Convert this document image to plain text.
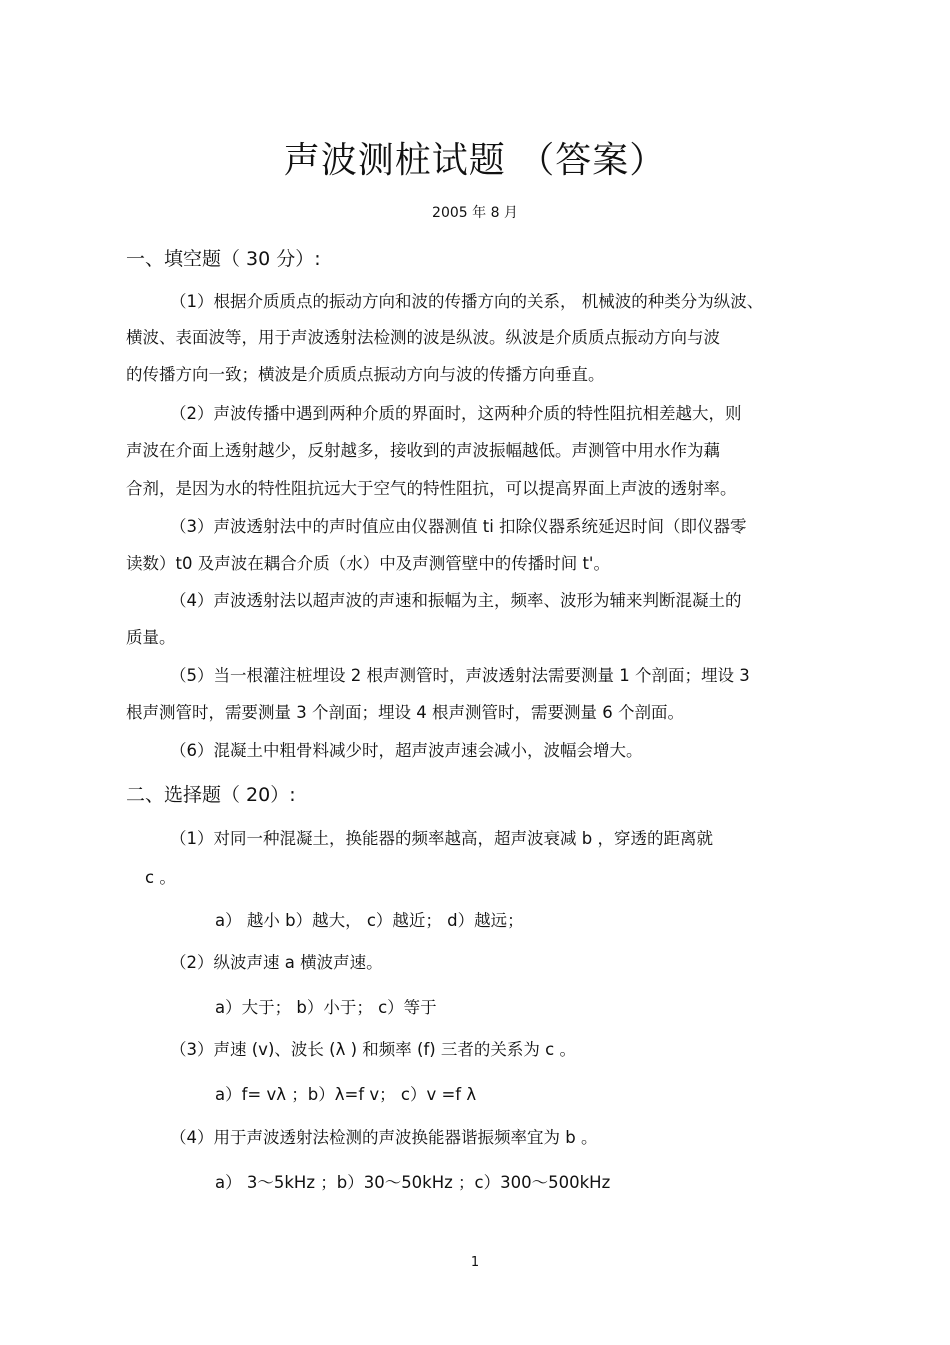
声波测桩试题 （答案）
2005 年 8 月
一、填空题（ 30 分）:
（1）根据介质质点的振动方向和波的传播方向的关系， 机械波的种类分为纵波、
横波、表面波等，用于声波透射法检测的波是纵波。纵波是介质质点振动方向与波
的传播方向一致；横波是介质质点振动方向与波的传播方向垂直。
（2）声波传播中遇到两种介质的界面时，这两种介质的特性阻抗相差越大，则
声波在介面上透射越少，反射越多，接收到的声波振幅越低。声测管中用水作为藕
合剂，是因为水的特性阻抗远大于空气的特性阻抗，可以提高界面上声波的透射率。
（3）声波透射法中的声时值应由仪器测值 ti 扣除仪器系统延迟时间（即仪器零
读数）t0 及声波在耦合介质（水）中及声测管壁中的传播时间 t'。
（4）声波透射法以超声波的声速和振幅为主，频率、波形为辅来判断混凝土的
质量。
（5）当一根灌注桩埋设 2 根声测管时，声波透射法需要测量 1 个剖面；埋设 3
根声测管时，需要测量 3 个剖面；埋设 4 根声测管时，需要测量 6 个剖面。
（6）混凝土中粗骨料减少时，超声波声速会减小，波幅会增大。
二、选择题（ 20）:
（1）对同一种混凝土，换能器的频率越高，超声波衰减 b ，穿透的距离就
c 。
a） 越小 b）越大， c）越近； d）越远；
（2）纵波声速 a 横波声速。
a）大于； b）小于； c）等于
（3）声速 (v)、波长 (λ ) 和频率 (f) 三者的关系为 c 。
a）f= vλ ；b）λ=f v； c）v =f λ
（4）用于声波透射法检测的声波换能器谐振频率宜为 b 。
a） 3～5kHz ；b）30～50kHz ；c）300～500kHz
1
